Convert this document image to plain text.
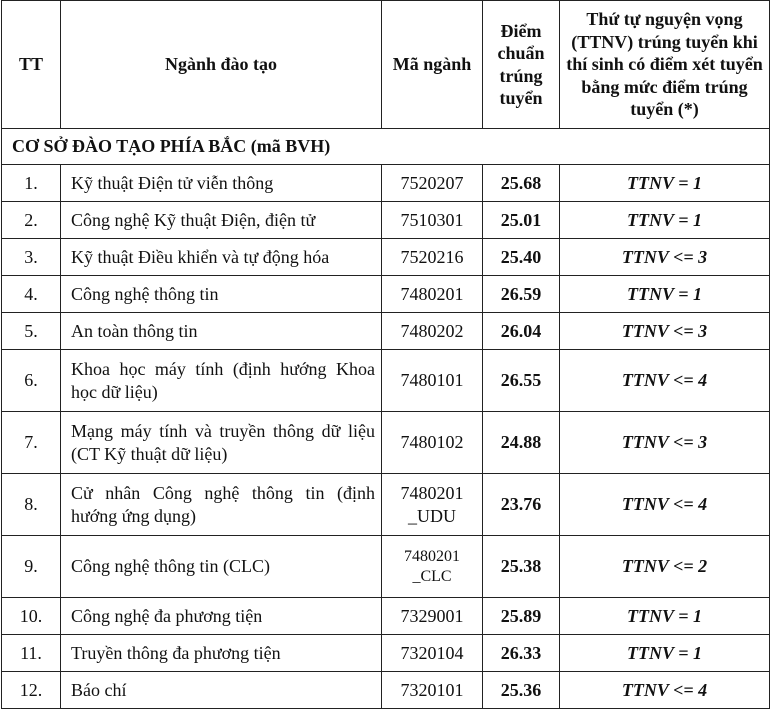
TT	Ngành đào tạo	Mã ngành	Điểm chuẩn trúng tuyển	Thứ tự nguyện vọng (TTNV) trúng tuyển khi thí sinh có điểm xét tuyển bằng mức điểm trúng tuyển (*)
CƠ SỞ ĐÀO TẠO PHÍA BẮC (mã BVH)				
1.	Kỹ thuật Điện tử viễn thông	7520207	25.68	TTNV = 1
2.	Công nghệ Kỹ thuật Điện, điện tử	7510301	25.01	TTNV = 1
3.	Kỹ thuật Điều khiển và tự động hóa	7520216	25.40	TTNV <= 3
4.	Công nghệ thông tin	7480201	26.59	TTNV = 1
5.	An toàn thông tin	7480202	26.04	TTNV <= 3
6.	Khoa học máy tính (định hướng Khoa học dữ liệu)	7480101	26.55	TTNV <= 4
7.	Mạng máy tính và truyền thông dữ liệu (CT Kỹ thuật dữ liệu)	7480102	24.88	TTNV <= 3
8.	Cử nhân Công nghệ thông tin (định hướng ứng dụng)	7480201 _UDU	23.76	TTNV <= 4
9.	Công nghệ thông tin (CLC)	7480201 _CLC	25.38	TTNV <= 2
10.	Công nghệ đa phương tiện	7329001	25.89	TTNV = 1
11.	Truyền thông đa phương tiện	7320104	26.33	TTNV = 1
12.	Báo chí	7320101	25.36	TTNV <= 4
